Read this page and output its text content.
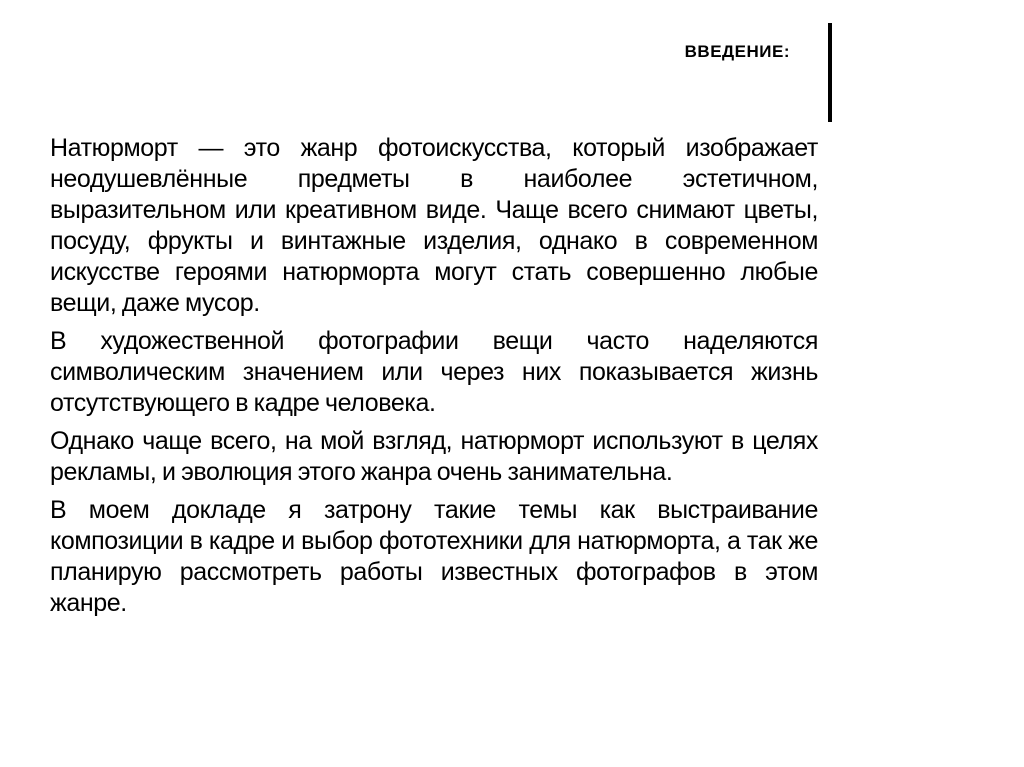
ВВЕДЕНИЕ:

Натюрморт — это жанр фотоискусства, который изображает неодушевлённые предметы в наиболее эстетичном, выразительном или креативном виде. Чаще всего снимают цветы, посуду, фрукты и винтажные изделия, однако в современном искусстве героями натюрморта могут стать совершенно любые вещи, даже мусор.

В художественной фотографии вещи часто наделяются символическим значением или через них показывается жизнь отсутствующего в кадре человека.

Однако чаще всего, на мой взгляд, натюрморт используют в целях рекламы, и эволюция этого жанра очень занимательна.

В моем докладе я затрону такие темы как выстраивание композиции в кадре и выбор фототехники для натюрморта, а так же планирую рассмотреть работы известных фотографов в этом жанре.
